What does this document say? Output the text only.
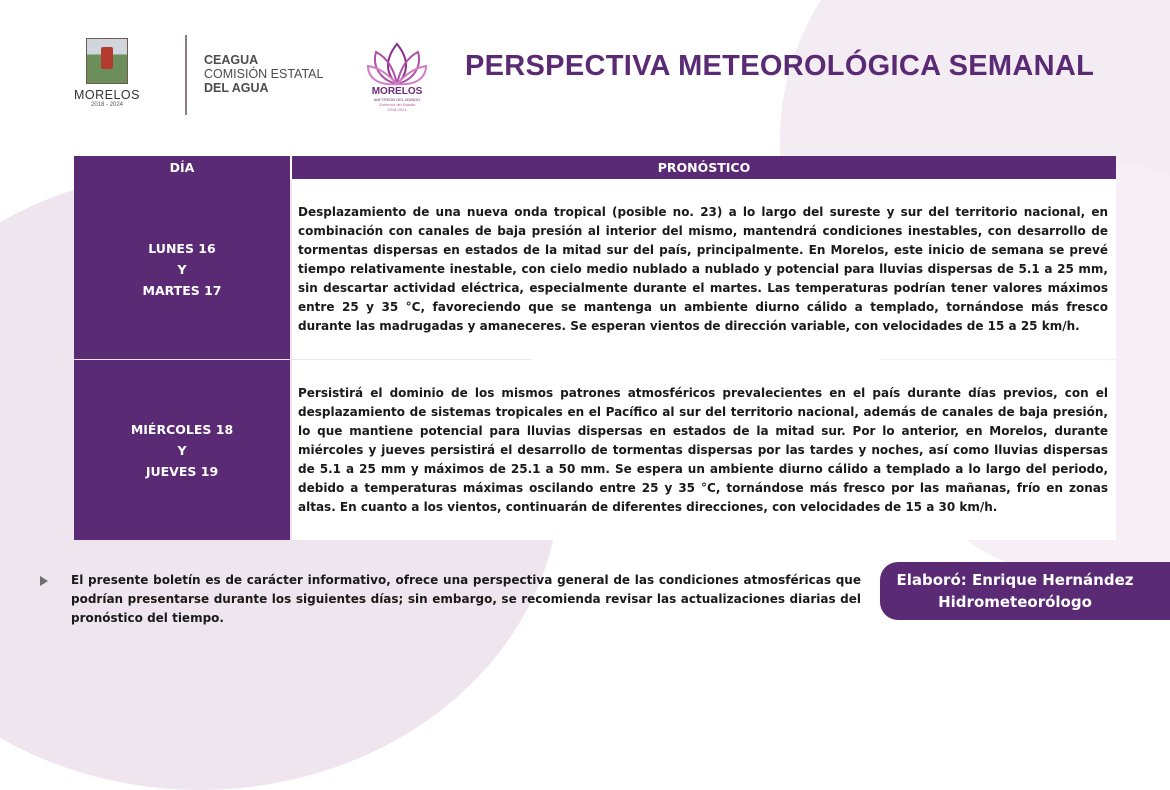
MORELOS
2018 - 2024
CEAGUA
COMISIÓN ESTATAL
DEL AGUA	MORELOS
ANFITRIÓN DEL MUNDO
Gobierno del Estado
2018-2024
PERSPECTIVA METEOROLÓGICA SEMANAL
DÍA	PRONÓSTICO
LUNES 16
Y
MARTES 17
Desplazamiento de una nueva onda tropical (posible no. 23) a lo largo del sureste y sur del territorio nacional, en combinación con canales de baja presión al interior del mismo, mantendrá condiciones inestables, con desarrollo de tormentas dispersas en estados de la mitad sur del país, principalmente. En Morelos, este inicio de semana se prevé tiempo relativamente inestable, con cielo medio nublado a nublado y potencial para lluvias dispersas de 5.1 a 25 mm, sin descartar actividad eléctrica, especialmente durante el martes. Las temperaturas podrían tener valores máximos entre 25 y 35 °C, favoreciendo que se mantenga un ambiente diurno cálido a templado, tornándose más fresco durante las madrugadas y amaneceres. Se esperan vientos de dirección variable, con velocidades de 15 a 25 km/h.
MIÉRCOLES 18
Y
JUEVES 19
Persistirá el dominio de los mismos patrones atmosféricos prevalecientes en el país durante días previos, con el desplazamiento de sistemas tropicales en el Pacífico al sur del territorio nacional, además de canales de baja presión, lo que mantiene potencial para lluvias dispersas en estados de la mitad sur. Por lo anterior, en Morelos, durante miércoles y jueves persistirá el desarrollo de tormentas dispersas por las tardes y noches, así como lluvias dispersas de 5.1 a 25 mm y máximos de 25.1 a 50 mm. Se espera un ambiente diurno cálido a templado a lo largo del periodo, debido a temperaturas máximas oscilando entre 25 y 35 °C, tornándose más fresco por las mañanas, frío en zonas altas. En cuanto a los vientos, continuarán de diferentes direcciones, con velocidades de 15 a 30 km/h.
El presente boletín es de carácter informativo, ofrece una perspectiva general de las condiciones atmosféricas que podrían presentarse durante los siguientes días; sin embargo, se recomienda revisar las actualizaciones diarias del pronóstico del tiempo.
Elaboró: Enrique Hernández
Hidrometeorólogo
